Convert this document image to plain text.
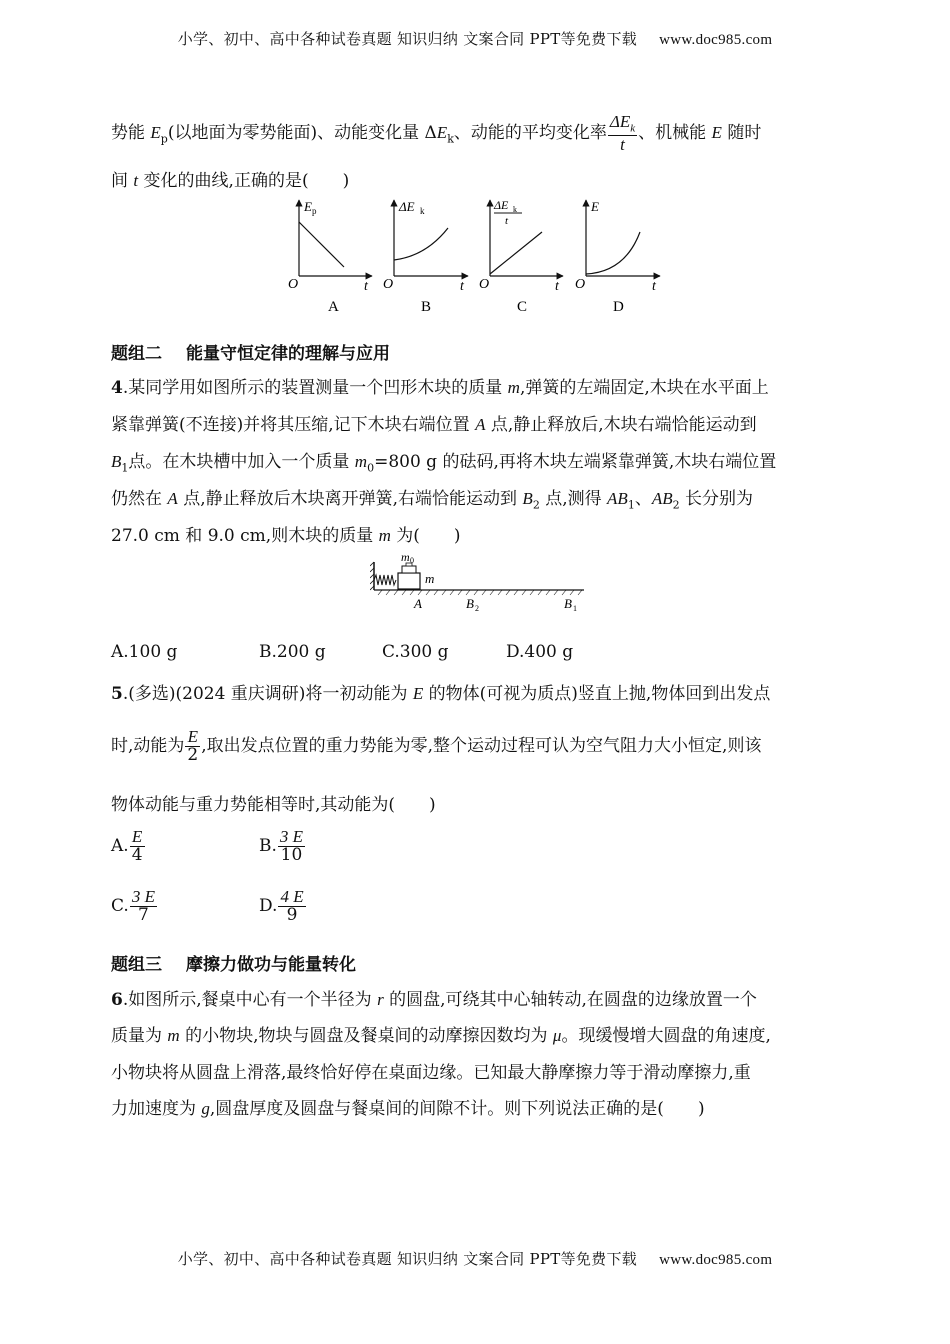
小学、初中、高中各种试卷真题 知识归纳 文案合同 PPT等免费下载 www.doc985.com
势能 $E_p$(以地面为零势能面)、动能变化量 $\Delta E_k$、动能的平均变化率 $\frac{\Delta E_k}{t}$ 、机械能 E 随时
间 t 变化的曲线,正确的是(　　)
E p
O	t
A
ΔE k
O	t
B
ΔE k
t
O	t
C
E
O	t
D
题组二 能量守恒定律的理解与应用
4.某同学用如图所示的装置测量一个凹形木块的质量 m,弹簧的左端固定,木块在水平面上
紧靠弹簧(不连接)并将其压缩,记下木块右端位置 A 点,静止释放后,木块右端恰能运动到
$B_1$点。在木块槽中加入一个质量 $m_0=800$ g 的砝码,再将木块左端紧靠弹簧,木块右端位置
仍然在 A 点,静止释放后木块离开弹簧,右端恰能运动到 $B_2$ 点,测得 $AB_1$、$AB_2$ 长分别为
27.0 cm 和 9.0 cm,则木块的质量 m 为(　　)
m 0
m
A	B 2	B 1
A.100 g	B.200 g	C.300 g	D.400 g
5.(多选)(2024 重庆调研)将一初动能为 E 的物体(可视为质点)竖直上抛,物体回到出发点
时,动能为 $\frac{E}{2}$ ,取出发点位置的重力势能为零,整个运动过程可认为空气阻力大小恒定,则该
物体动能与重力势能相等时,其动能为(　　)
A. $\frac{E}{4}$	B. $\frac{3 E}{10}$
C. $\frac{3 E}{7}$	D. $\frac{4 E}{9}$
题组三 摩擦力做功与能量转化
6.如图所示,餐桌中心有一个半径为 r 的圆盘,可绕其中心轴转动,在圆盘的边缘放置一个
质量为 m 的小物块,物块与圆盘及餐桌间的动摩擦因数均为 μ。现缓慢增大圆盘的角速度,
小物块将从圆盘上滑落,最终恰好停在桌面边缘。已知最大静摩擦力等于滑动摩擦力,重
力加速度为 g,圆盘厚度及圆盘与餐桌间的间隙不计。则下列说法正确的是(　　)
小学、初中、高中各种试卷真题 知识归纳 文案合同 PPT等免费下载 www.doc985.com
